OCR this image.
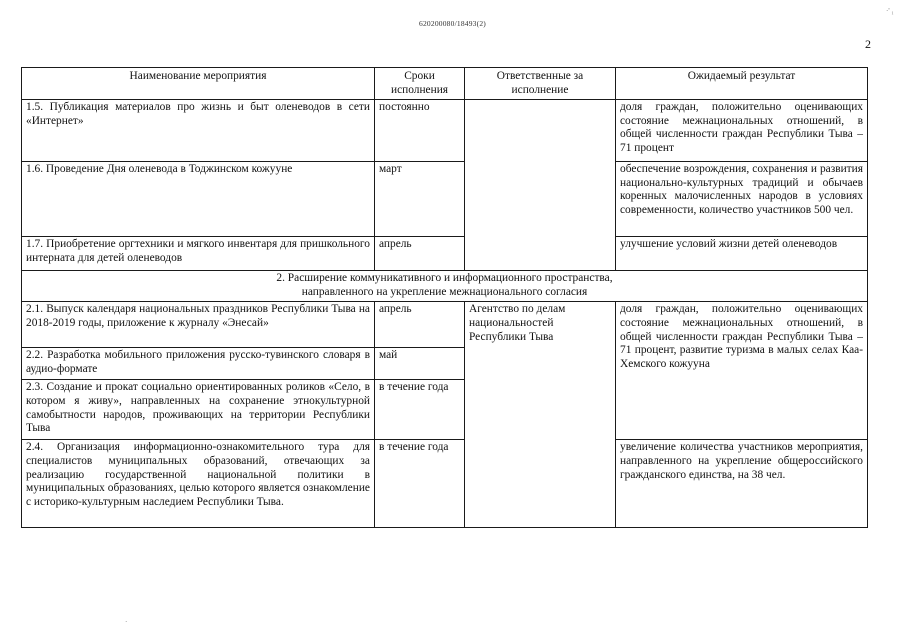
620200080/18493(2)
·' ₁
2
Наименование мероприятия	Сроки исполнения	Ответственные за исполнение	Ожидаемый результат
1.5. Публикация материалов про жизнь и быт оленеводов в сети «Интернет»	постоянно		доля граждан, положительно оценивающих состояние межнациональных отношений, в общей численности граждан Республики Тыва – 71 процент
1.6. Проведение Дня оленевода в Тоджинском кожууне	март		обеспечение возрождения, сохранения и развития национально-культурных традиций и обычаев коренных малочисленных народов в условиях современности, количество участников 500 чел.
1.7. Приобретение оргтехники и мягкого инвентаря для пришкольного интерната для детей оленеводов	апрель		улучшение условий жизни детей оленеводов

2. Расширение коммуникативного и информационного пространства,
направленного на укрепление межнационального согласия			

2.1. Выпуск календаря национальных праздников Республики Тыва на 2018-2019 годы, приложение к журналу «Энесай»	апрель	Агентство по делам национальностей Республики Тыва	доля граждан, положительно оценивающих состояние межнациональных отношений, в общей численности граждан Республики Тыва – 71 процент, развитие туризма в малых селах Каа-Хемского кожууна
2.2. Разработка мобильного приложения русско-тувинского словаря в аудио-формате	май		
2.3. Создание и прокат социально ориентированных роликов «Село, в котором я живу», направленных на сохранение этнокультурной самобытности народов, проживающих на территории Республики Тыва	в течение года		
2.4. Организация информационно-ознакомительного тура для специалистов муниципальных образований, отвечающих за реализацию государственной национальной политики в муниципальных образованиях, целью которого является ознакомление с историко-культурным наследием Республики Тыва.	в течение года		увеличение количества участников мероприятия, направленного на укрепление общероссийского гражданского единства, на 38 чел.
·
